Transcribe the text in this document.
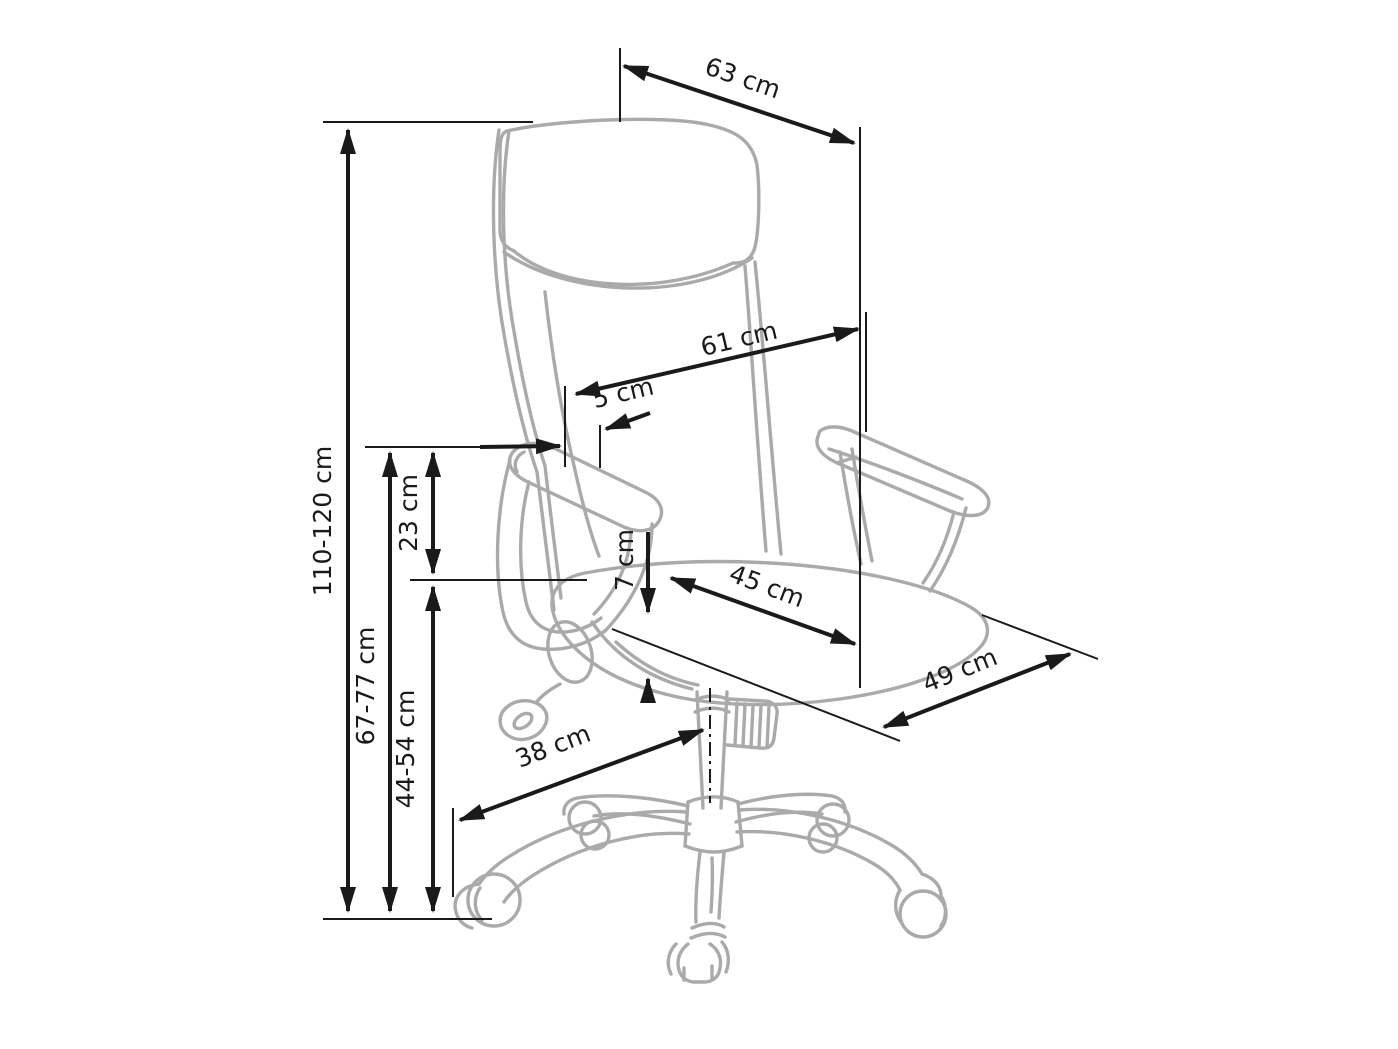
63 cm
61 cm
5 cm
110-120 cm 23 cm
67-77 cm
44-54 cm
7 cm	45 cm
49 cm
38 cm
